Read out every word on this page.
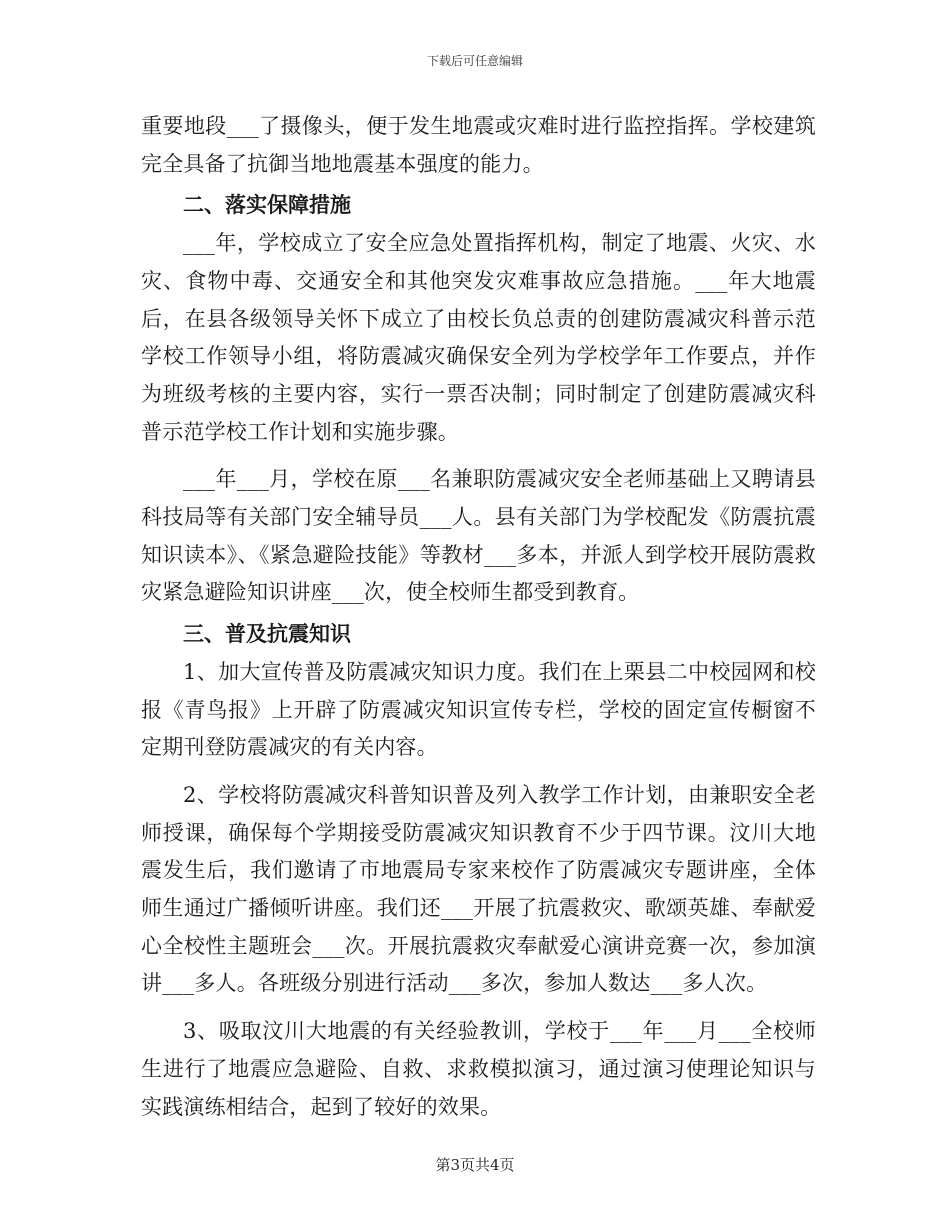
下载后可任意编辑

重要地段___了摄像头，便于发生地震或灾难时进行监控指挥。学校建筑完全具备了抗御当地地震基本强度的能力。

二、落实保障措施

___年，学校成立了安全应急处置指挥机构，制定了地震、火灾、水灾、食物中毒、交通安全和其他突发灾难事故应急措施。___年大地震后，在县各级领导关怀下成立了由校长负总责的创建防震减灾科普示范学校工作领导小组，将防震减灾确保安全列为学校学年工作要点，并作为班级考核的主要内容，实行一票否决制；同时制定了创建防震减灾科普示范学校工作计划和实施步骤。

___年___月，学校在原___名兼职防震减灾安全老师基础上又聘请县科技局等有关部门安全辅导员___人。县有关部门为学校配发《防震抗震知识读本》、《紧急避险技能》等教材___多本，并派人到学校开展防震救灾紧急避险知识讲座___次，使全校师生都受到教育。

三、普及抗震知识

1、加大宣传普及防震减灾知识力度。我们在上栗县二中校园网和校报《青鸟报》上开辟了防震减灾知识宣传专栏，学校的固定宣传橱窗不定期刊登防震减灾的有关内容。

2、学校将防震减灾科普知识普及列入教学工作计划，由兼职安全老师授课，确保每个学期接受防震减灾知识教育不少于四节课。汶川大地震发生后，我们邀请了市地震局专家来校作了防震减灾专题讲座，全体师生通过广播倾听讲座。我们还___开展了抗震救灾、歌颂英雄、奉献爱心全校性主题班会___次。开展抗震救灾奉献爱心演讲竞赛一次，参加演讲___多人。各班级分别进行活动___多次，参加人数达___多人次。

3、吸取汶川大地震的有关经验教训，学校于___年___月___全校师生进行了地震应急避险、自救、求救模拟演习，通过演习使理论知识与实践演练相结合，起到了较好的效果。

第3页共4页
